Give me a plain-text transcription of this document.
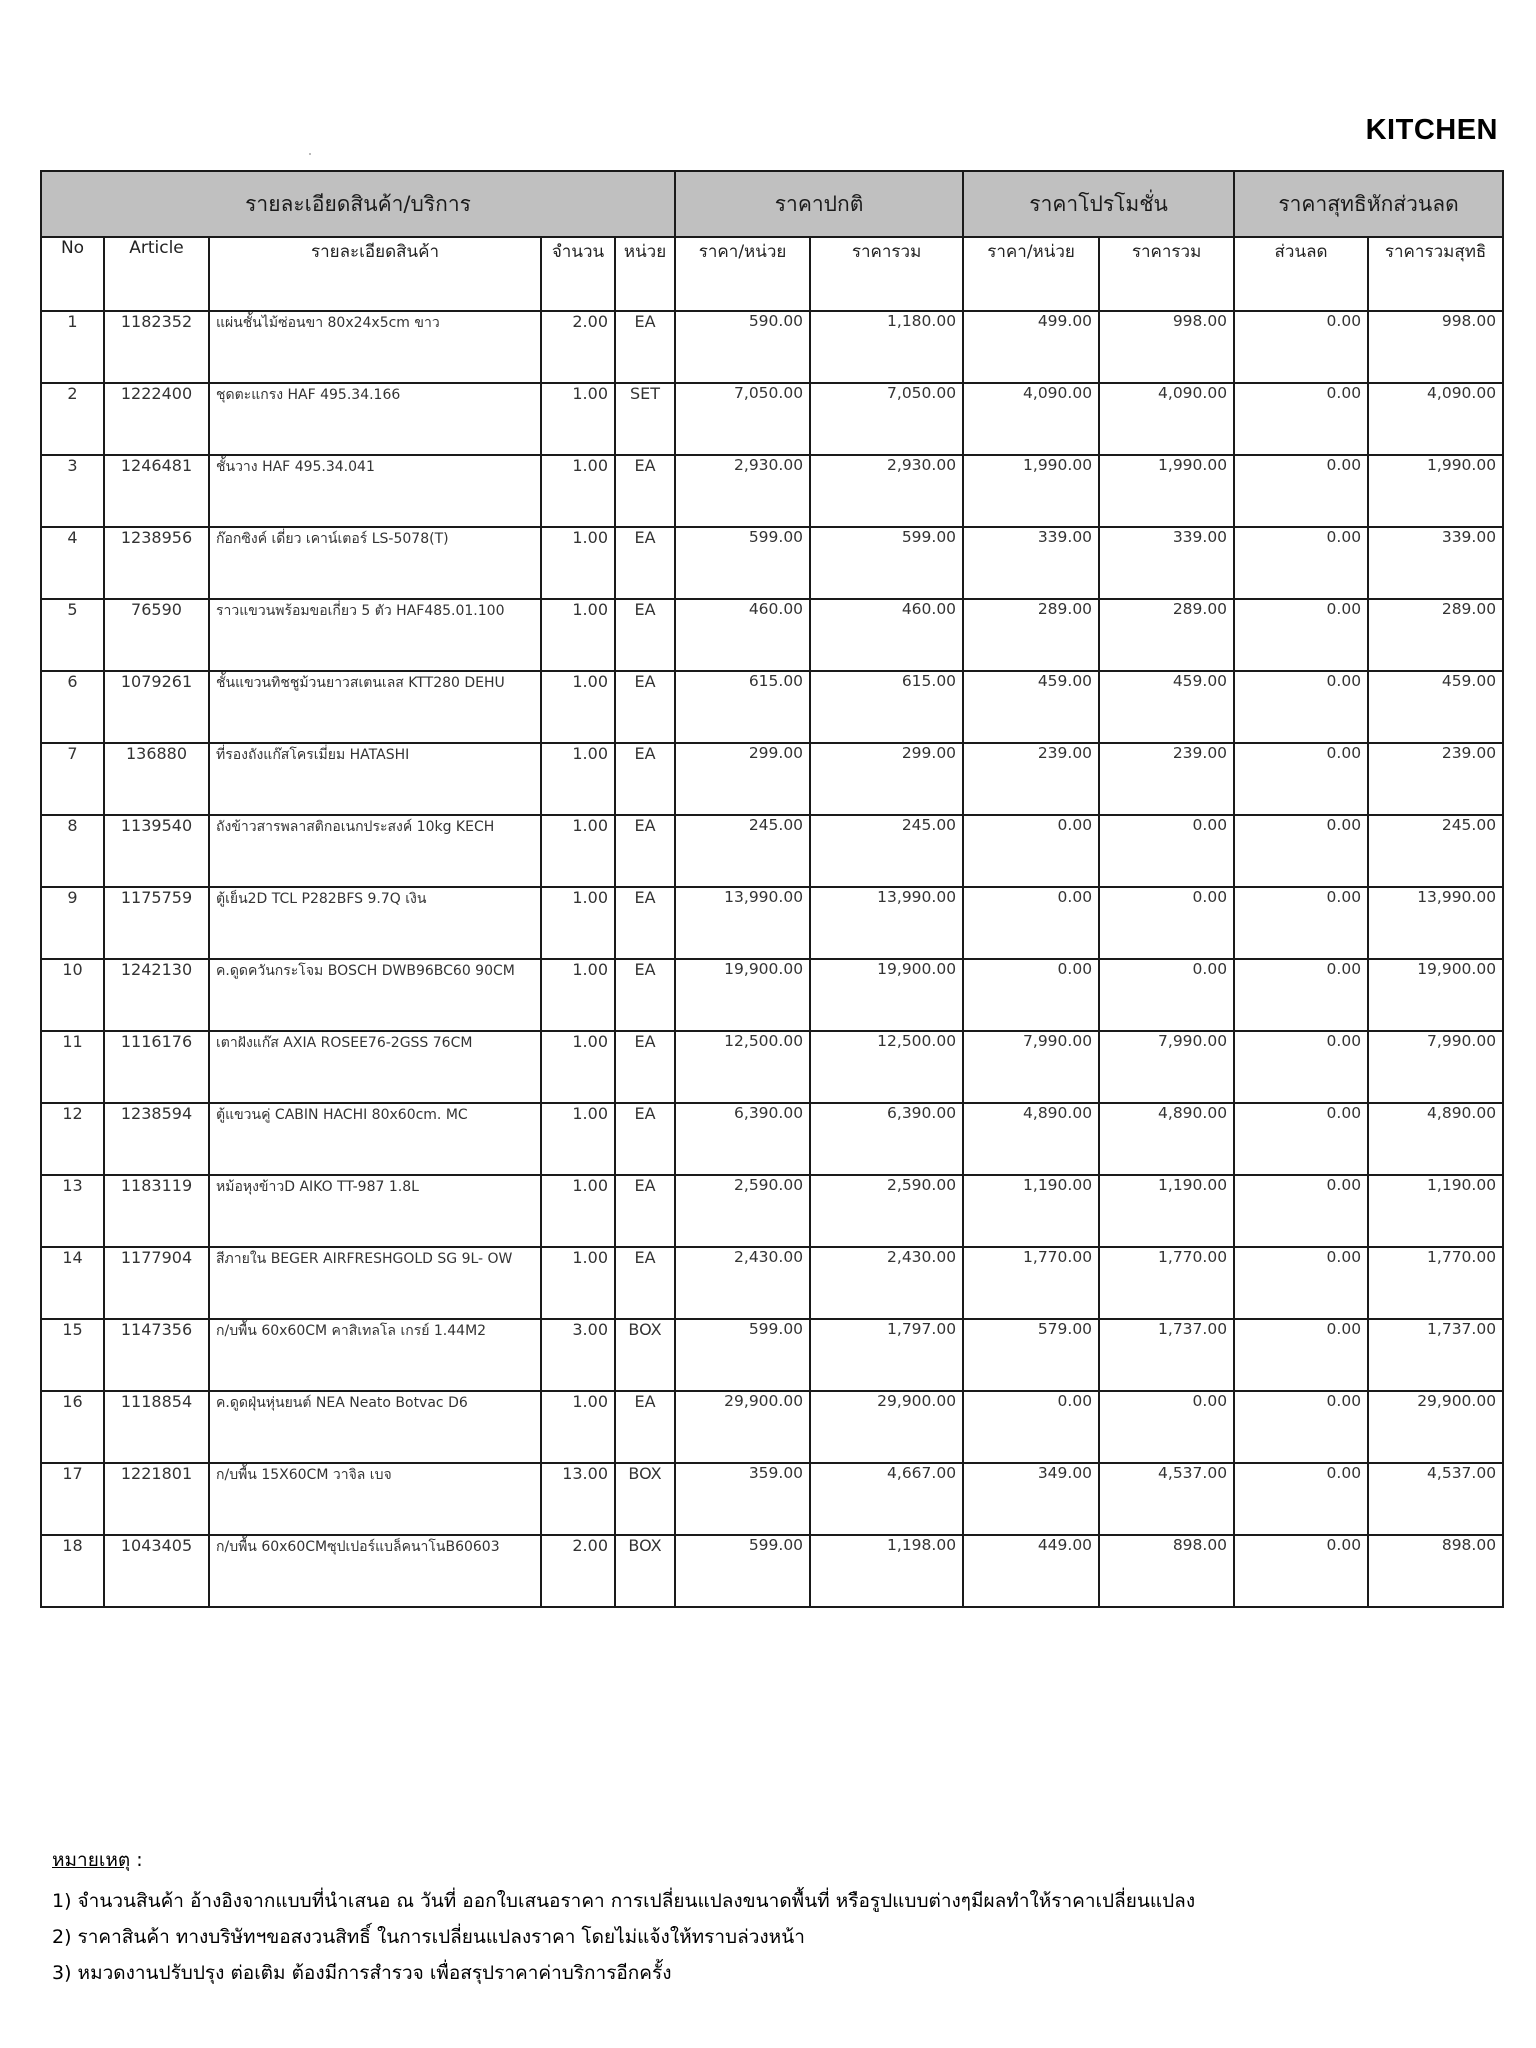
KITCHEN
รายละเอียดสินค้า/บริการ					ราคาปกติ		ราคาโปรโมชั่น		ราคาสุทธิหักส่วนลด	
No	Article	รายละเอียดสินค้า	จำนวน	หน่วย	ราคา/หน่วย	ราคารวม	ราคา/หน่วย	ราคารวม	ส่วนลด	ราคารวมสุทธิ
1	1182352	แผ่นชั้นไม้ซ่อนขา 80x24x5cm ขาว	2.00	EA	590.00	1,180.00	499.00	998.00	0.00	998.00
2	1222400	ชุดตะแกรง HAF 495.34.166	1.00	SET	7,050.00	7,050.00	4,090.00	4,090.00	0.00	4,090.00
3	1246481	ชั้นวาง HAF 495.34.041	1.00	EA	2,930.00	2,930.00	1,990.00	1,990.00	0.00	1,990.00
4	1238956	ก๊อกซิงค์ เดี่ยว เคาน์เตอร์ LS-5078(T)	1.00	EA	599.00	599.00	339.00	339.00	0.00	339.00
5	76590	ราวแขวนพร้อมขอเกี่ยว 5 ตัว HAF485.01.100	1.00	EA	460.00	460.00	289.00	289.00	0.00	289.00
6	1079261	ชั้นแขวนทิชชูม้วนยาวสเตนเลส KTT280 DEHU	1.00	EA	615.00	615.00	459.00	459.00	0.00	459.00
7	136880	ที่รองถังแก๊สโครเมี่ยม HATASHI	1.00	EA	299.00	299.00	239.00	239.00	0.00	239.00
8	1139540	ถังข้าวสารพลาสติกอเนกประสงค์ 10kg KECH	1.00	EA	245.00	245.00	0.00	0.00	0.00	245.00
9	1175759	ตู้เย็น2D TCL P282BFS 9.7Q เงิน	1.00	EA	13,990.00	13,990.00	0.00	0.00	0.00	13,990.00
10	1242130	ค.ดูดควันกระโจม BOSCH DWB96BC60 90CM	1.00	EA	19,900.00	19,900.00	0.00	0.00	0.00	19,900.00
11	1116176	เตาฝังแก๊ส AXIA ROSEE76-2GSS 76CM	1.00	EA	12,500.00	12,500.00	7,990.00	7,990.00	0.00	7,990.00
12	1238594	ตู้แขวนคู่ CABIN HACHI 80x60cm. MC	1.00	EA	6,390.00	6,390.00	4,890.00	4,890.00	0.00	4,890.00
13	1183119	หม้อหุงข้าวD AIKO TT-987 1.8L	1.00	EA	2,590.00	2,590.00	1,190.00	1,190.00	0.00	1,190.00
14	1177904	สีภายใน BEGER AIRFRESHGOLD SG 9L- OW	1.00	EA	2,430.00	2,430.00	1,770.00	1,770.00	0.00	1,770.00
15	1147356	ก/บพื้น 60x60CM คาสิเทลโล เกรย์ 1.44M2	3.00	BOX	599.00	1,797.00	579.00	1,737.00	0.00	1,737.00
16	1118854	ค.ดูดฝุ่นหุ่นยนต์ NEA Neato Botvac D6	1.00	EA	29,900.00	29,900.00	0.00	0.00	0.00	29,900.00
17	1221801	ก/บพื้น 15X60CM วาจิล เบจ	13.00	BOX	359.00	4,667.00	349.00	4,537.00	0.00	4,537.00
18	1043405	ก/บพื้น 60x60CMซุปเปอร์แบล็คนาโนB60603	2.00	BOX	599.00	1,198.00	449.00	898.00	0.00	898.00
หมายเหตุ :
1) จำนวนสินค้า อ้างอิงจากแบบที่นำเสนอ ณ วันที่ ออกใบเสนอราคา การเปลี่ยนแปลงขนาดพื้นที่ หรือรูปแบบต่างๆมีผลทำให้ราคาเปลี่ยนแปลง
2) ราคาสินค้า ทางบริษัทฯขอสงวนสิทธิ์ ในการเปลี่ยนแปลงราคา โดยไม่แจ้งให้ทราบล่วงหน้า
3) หมวดงานปรับปรุง ต่อเติม ต้องมีการสำรวจ เพื่อสรุปราคาค่าบริการอีกครั้ง
